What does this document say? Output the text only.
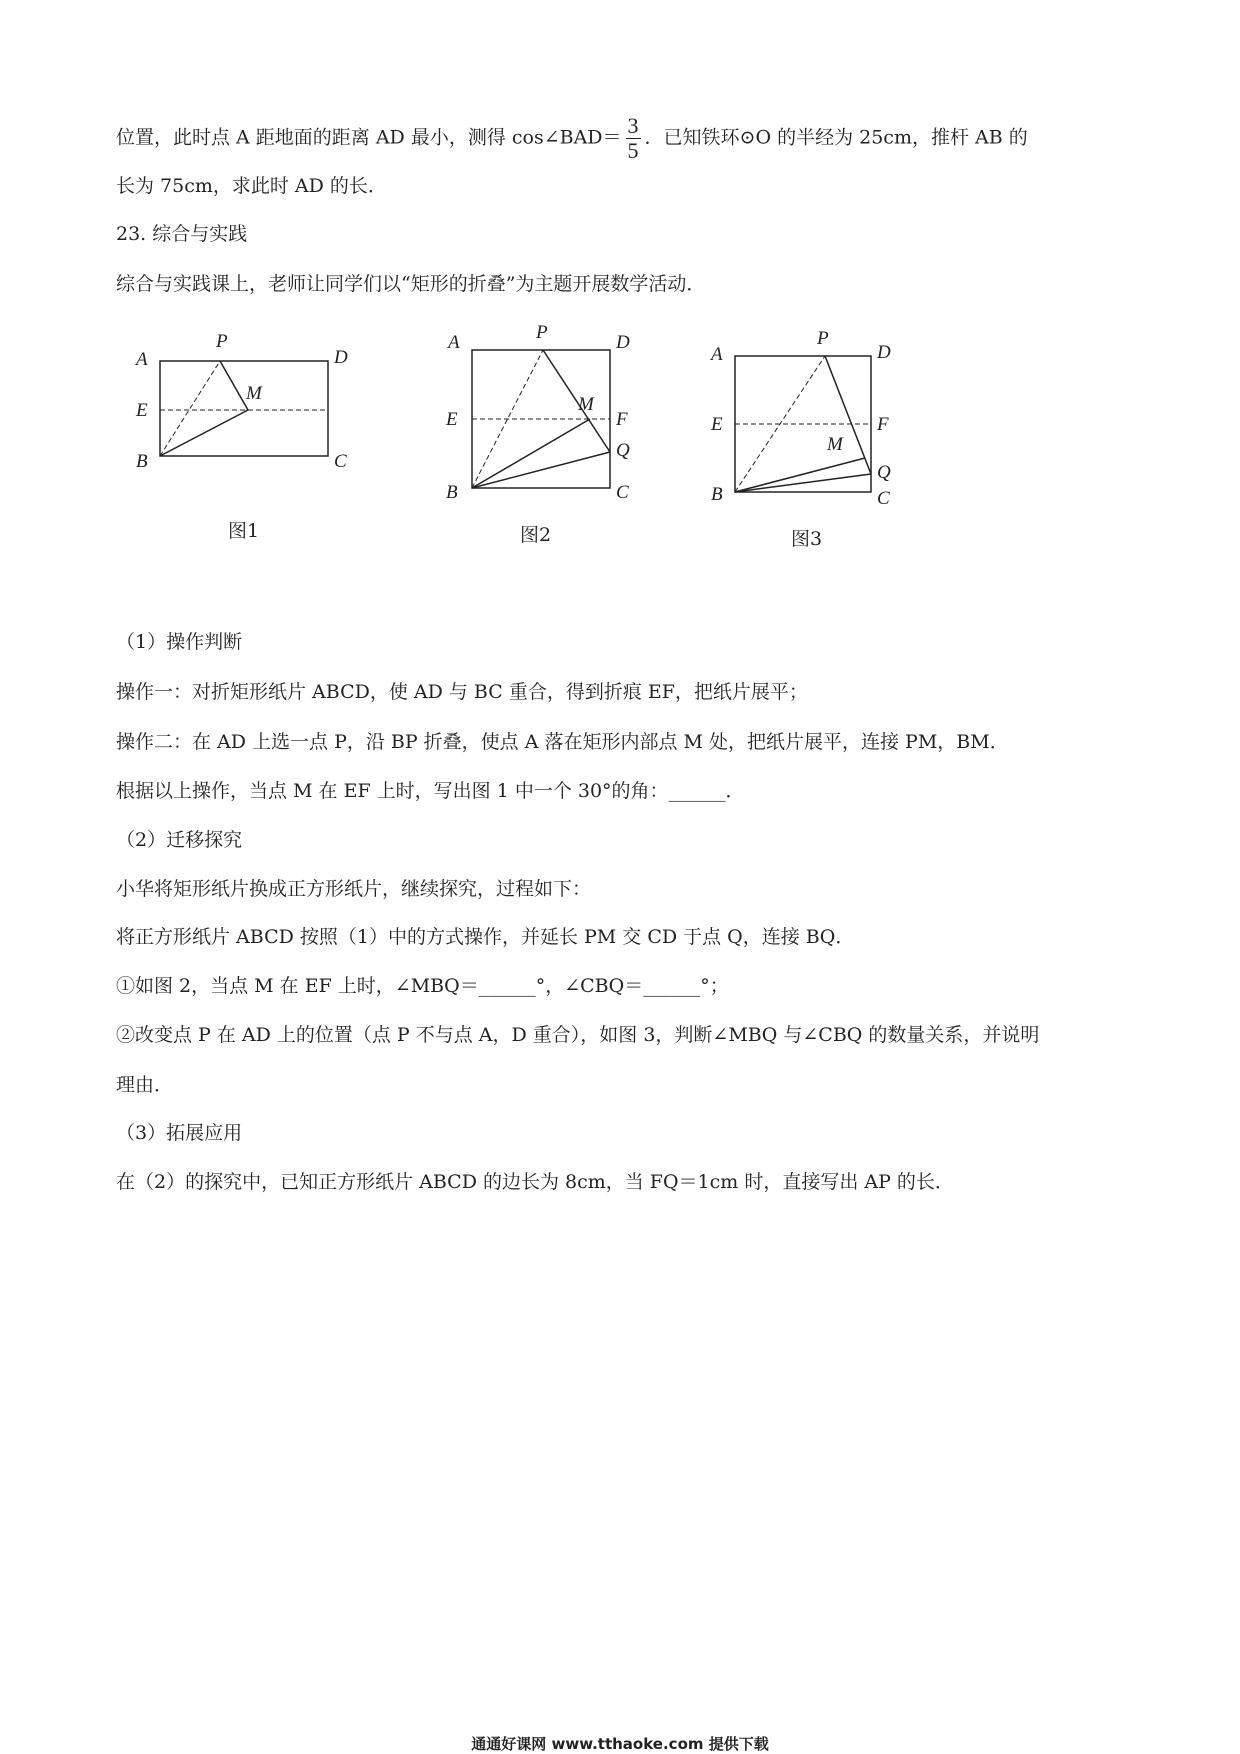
位置，此时点 A 距地面的距离 AD 最小，测得 cos∠BAD＝ $\frac{3}{5}$ ．已知铁环⊙O 的半经为 25cm，推杆 AB 的
长为 75cm，求此时 AD 的长．
23. 综合与实践
综合与实践课上，老师让同学们以“矩形的折叠”为主题开展数学活动．
A
P
D
E
M
B	C
图1
A	P	D
E
M
F
Q
B	C
图2
A
P
D
E	F
M
Q
B	C
图3
（1）操作判断
操作一：对折矩形纸片 ABCD，使 AD 与 BC 重合，得到折痕 EF，把纸片展平；
操作二：在 AD 上选一点 P，沿 BP 折叠，使点 A 落在矩形内部点 M 处，把纸片展平，连接 PM，BM．
根据以上操作，当点 M 在 EF 上时，写出图 1 中一个 30°的角：______．
（2）迁移探究
小华将矩形纸片换成正方形纸片，继续探究，过程如下：
将正方形纸片 ABCD 按照（1）中的方式操作，并延长 PM 交 CD 于点 Q，连接 BQ．
①如图 2，当点 M 在 EF 上时，∠MBQ＝______°，∠CBQ＝______°；
②改变点 P 在 AD 上的位置（点 P 不与点 A，D 重合），如图 3，判断∠MBQ 与∠CBQ 的数量关系，并说明
理由．
（3）拓展应用
在（2）的探究中，已知正方形纸片 ABCD 的边长为 8cm，当 FQ＝1cm 时，直接写出 AP 的长．
通通好课网 www.tthaoke.com 提供下载
